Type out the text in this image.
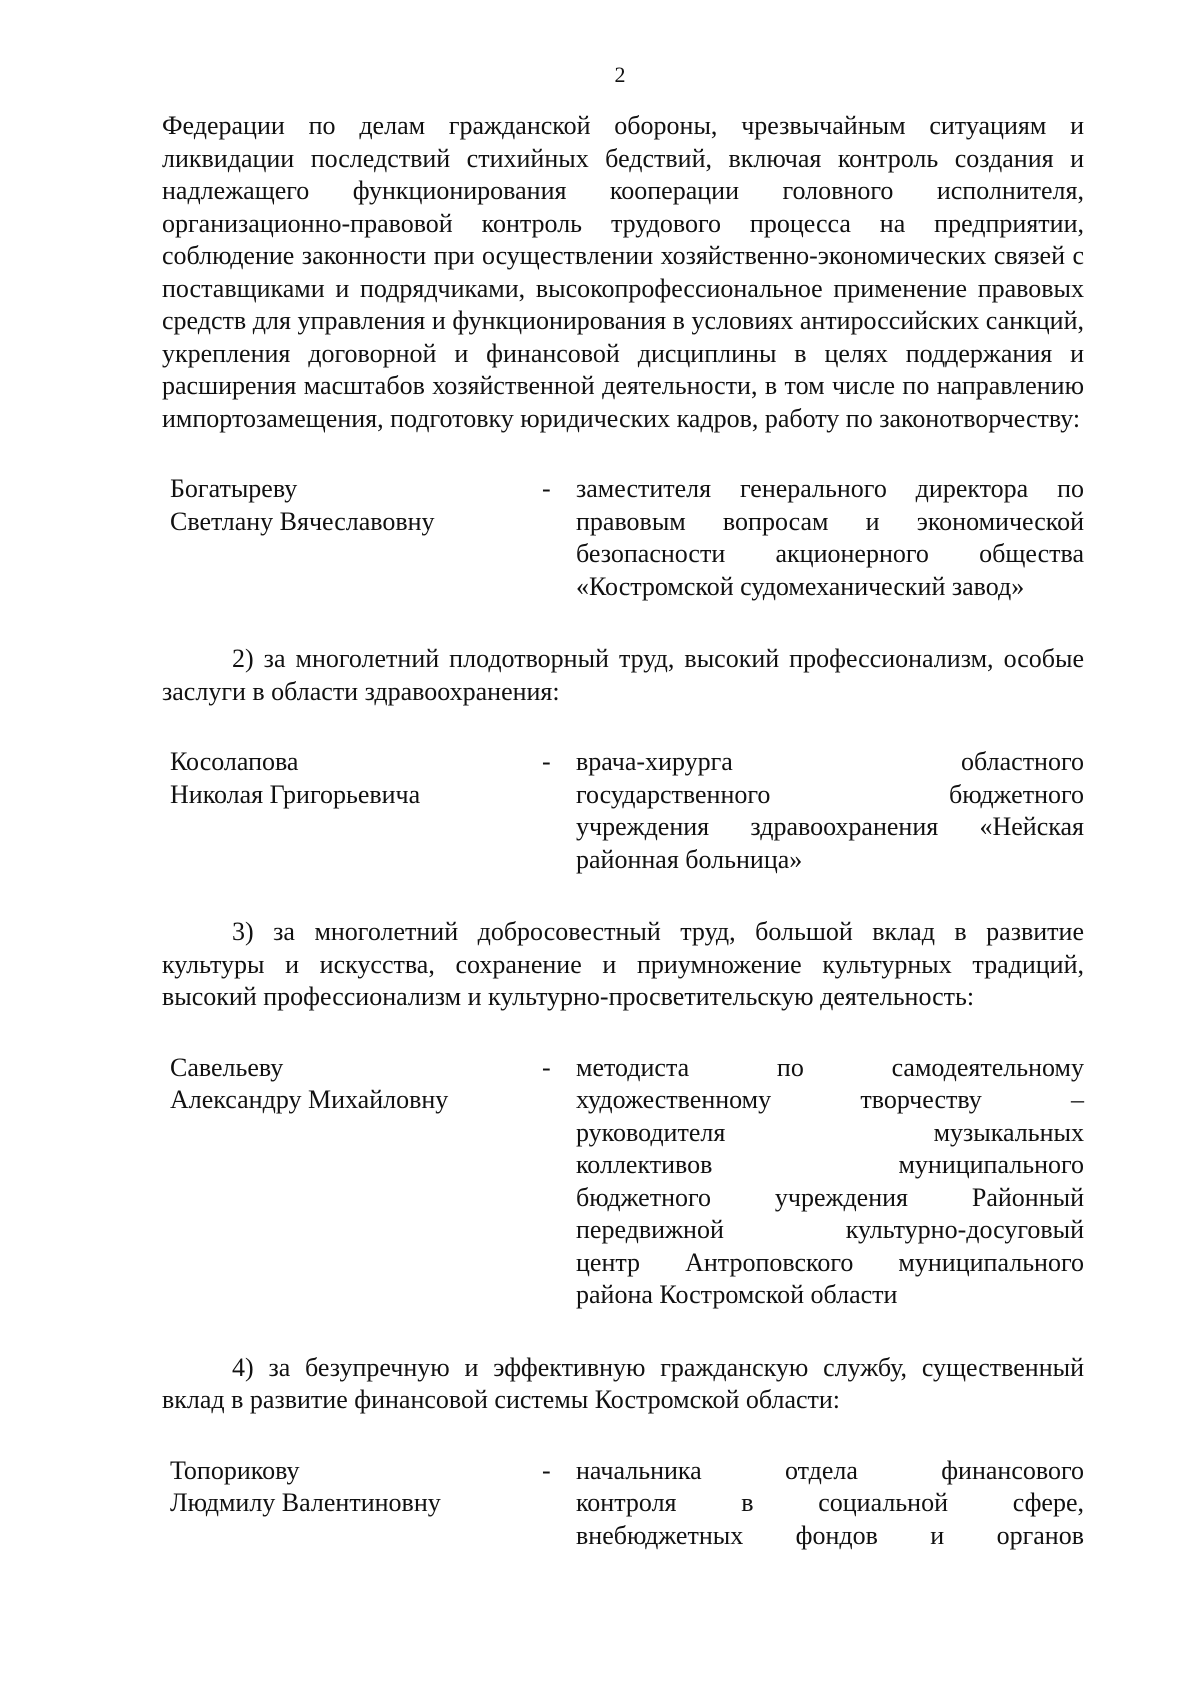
2

Федерации по делам гражданской обороны, чрезвычайным ситуациям и ликвидации последствий стихийных бедствий, включая контроль создания и надлежащего функционирования кооперации головного исполнителя, организационно-правовой контроль трудового процесса на предприятии, соблюдение законности при осуществлении хозяйственно-экономических связей с поставщиками и подрядчиками, высокопрофессиональное применение правовых средств для управления и функционирования в условиях антироссийских санкций, укрепления договорной и финансовой дисциплины в целях поддержания и расширения масштабов хозяйственной деятельности, в том числе по направлению импортозамещения, подготовку юридических кадров, работу по законотворчеству:

Богатыреву
Светлану Вячеславовну
- заместителя генерального директора по
правовым вопросам и экономической
безопасности акционерного общества
«Костромской судомеханический завод»

2) за многолетний плодотворный труд, высокий профессионализм, особые заслуги в области здравоохранения:

Косолапова
Николая Григорьевича
- врача-хирурга областного
государственного бюджетного
учреждения здравоохранения «Нейская
районная больница»

3) за многолетний добросовестный труд, большой вклад в развитие культуры и искусства, сохранение и приумножение культурных традиций, высокий профессионализм и культурно-просветительскую деятельность:

Савельеву
Александру Михайловну
- методиста по самодеятельному
художественному творчеству –
руководителя музыкальных
коллективов муниципального
бюджетного учреждения Районный
передвижной культурно-досуговый
центр Антроповского муниципального
района Костромской области

4) за безупречную и эффективную гражданскую службу, существенный вклад в развитие финансовой системы Костромской области:

Топорикову
Людмилу Валентиновну
- начальника отдела финансового
контроля в социальной сфере,
внебюджетных фондов и органов
